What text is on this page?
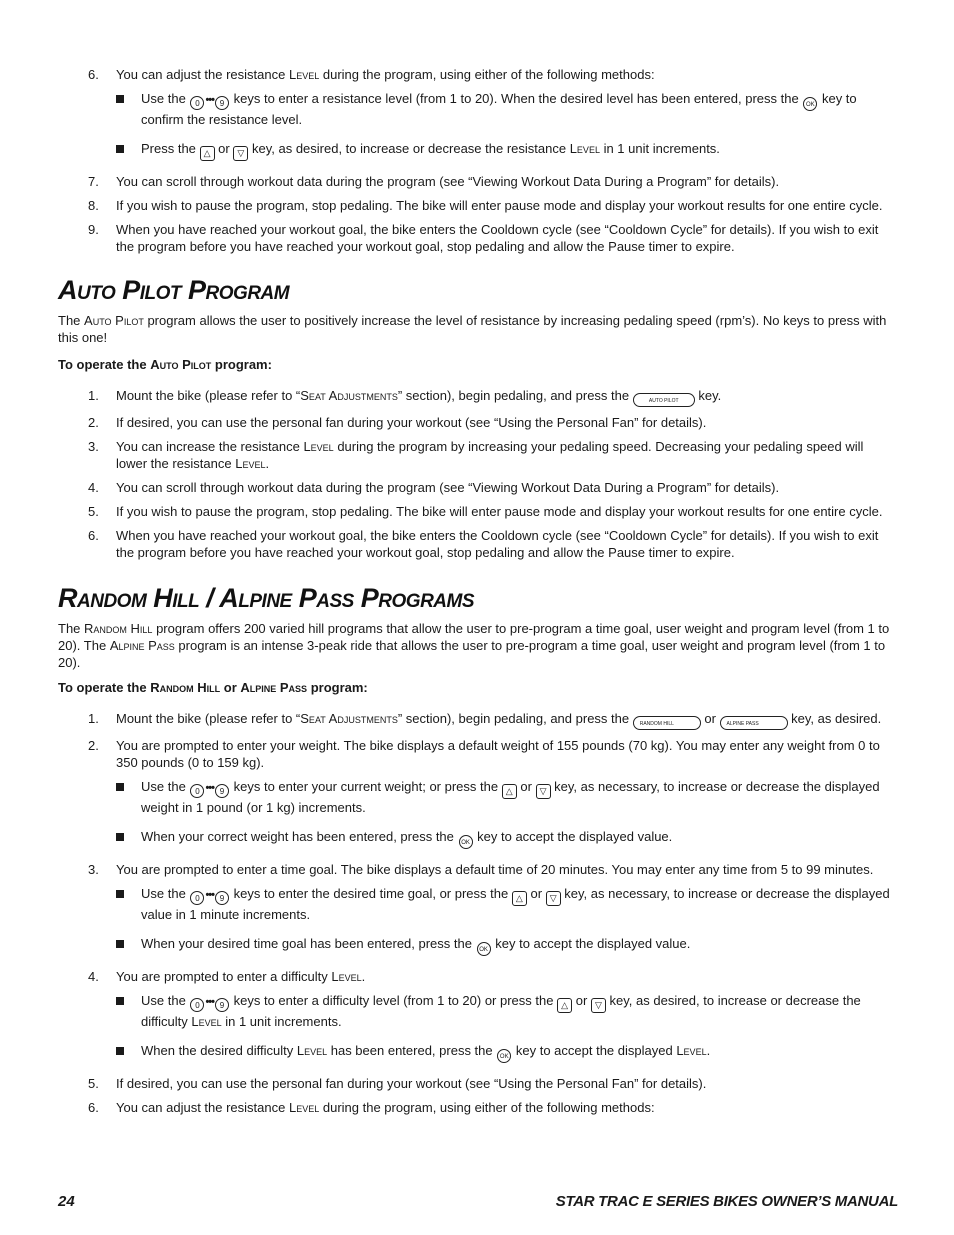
6. You can adjust the resistance Level during the program, using either of the following methods:
Use the 0 ••• 9 keys to enter a resistance level (from 1 to 20). When the desired level has been entered, press the OK key to confirm the resistance level.
Press the △ or ▽ key, as desired, to increase or decrease the resistance Level in 1 unit increments.
7. You can scroll through workout data during the program (see “Viewing Workout Data During a Program” for details).
8. If you wish to pause the program, stop pedaling. The bike will enter pause mode and display your workout results for one entire cycle.
9. When you have reached your workout goal, the bike enters the Cooldown cycle (see “Cooldown Cycle” for details). If you wish to exit the program before you have reached your workout goal, stop pedaling and allow the Pause timer to expire.
Auto Pilot Program

The Auto Pilot program allows the user to positively increase the level of resistance by increasing pedaling speed (rpm’s). No keys to press with this one!

To operate the Auto Pilot program:

1. Mount the bike (please refer to “Seat Adjustments” section), begin pedaling, and press the	AUTO PILOT key.
2. If desired, you can use the personal fan during your workout (see “Using the Personal Fan” for details).
3. You can increase the resistance Level during the program by increasing your pedaling speed. Decreasing your pedaling speed will lower the resistance Level.
4. You can scroll through workout data during the program (see “Viewing Workout Data During a Program” for details).
5. If you wish to pause the program, stop pedaling. The bike will enter pause mode and display your workout results for one entire cycle.
6. When you have reached your workout goal, the bike enters the Cooldown cycle (see “Cooldown Cycle” for details). If you wish to exit the program before you have reached your workout goal, stop pedaling and allow the Pause timer to expire.
Random Hill / Alpine Pass Programs

The Random Hill program offers 200 varied hill programs that allow the user to pre-program a time goal, user weight and program level (from 1 to 20). The Alpine Pass program is an intense 3-peak ride that allows the user to pre-program a time goal, user weight and program level (from 1 to 20).

To operate the Random Hill or Alpine Pass program:

1. Mount the bike (please refer to “Seat Adjustments” section), begin pedaling, and press the RANDOM HILL or ALPINE PASS key, as desired.
2. You are prompted to enter your weight. The bike displays a default weight of 155 pounds (70 kg). You may enter any weight from 0 to 350 pounds (0 to 159 kg).
Use the 0 ••• 9 keys to enter your current weight; or press the △ or ▽ key, as necessary, to increase or decrease the displayed weight in 1 pound (or 1 kg) increments.
When your correct weight has been entered, press the OK key to accept the displayed value.
3. You are prompted to enter a time goal. The bike displays a default time of 20 minutes. You may enter any time from 5 to 99 minutes.
Use the 0 ••• 9 keys to enter the desired time goal, or press the △ or ▽ key, as necessary, to increase or decrease the displayed value in 1 minute increments.
When your desired time goal has been entered, press the OK key to accept the displayed value.
4. You are prompted to enter a difficulty Level.
Use the 0 ••• 9 keys to enter a difficulty level (from 1 to 20) or press the △ or ▽ key, as desired, to increase or decrease the difficulty Level in 1 unit increments.
When the desired difficulty Level has been entered, press the OK key to accept the displayed Level.
5. If desired, you can use the personal fan during your workout (see “Using the Personal Fan” for details).
6. You can adjust the resistance Level during the program, using either of the following methods:
24	STAR TRAC E SERIES BIKES OWNER’S MANUAL
